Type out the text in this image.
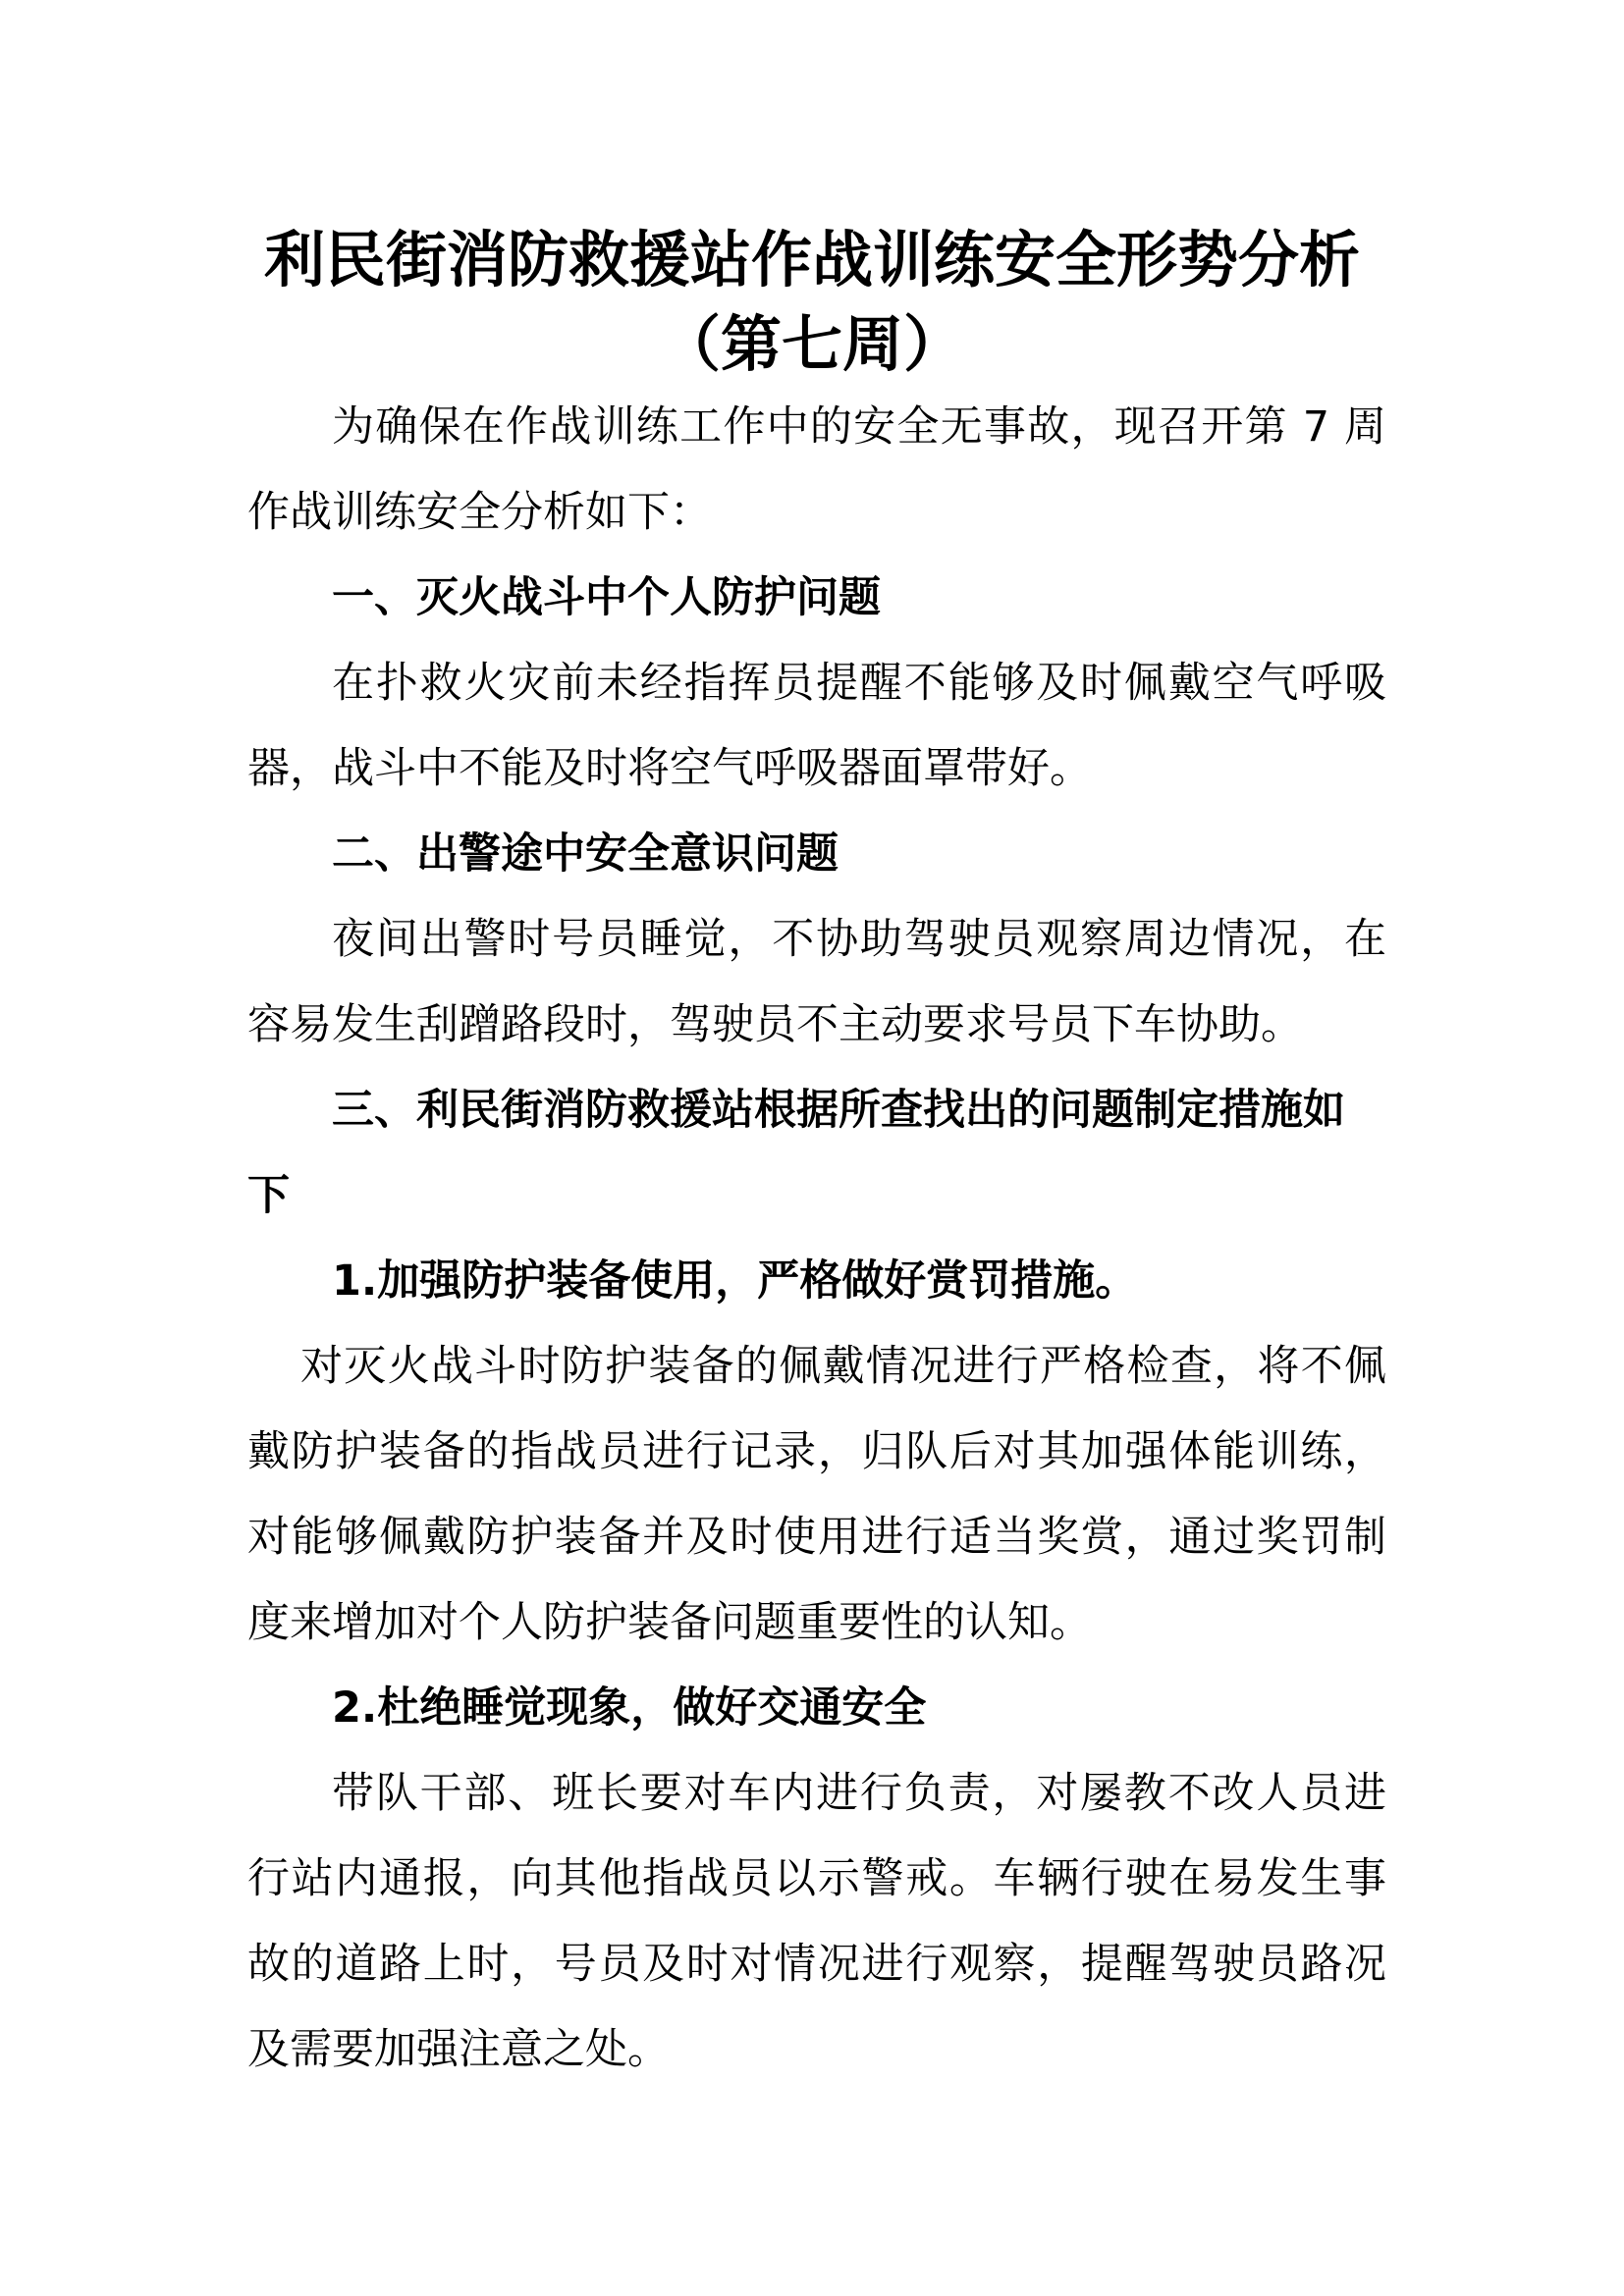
利民街消防救援站作战训练安全形势分析
（第七周）

为确保在作战训练工作中的安全无事故，现召开第 7 周作战训练安全分析如下：

一、灭火战斗中个人防护问题

在扑救火灾前未经指挥员提醒不能够及时佩戴空气呼吸器，战斗中不能及时将空气呼吸器面罩带好。

二、出警途中安全意识问题

夜间出警时号员睡觉，不协助驾驶员观察周边情况，在容易发生刮蹭路段时，驾驶员不主动要求号员下车协助。

三、利民街消防救援站根据所查找出的问题制定措施如下

1.加强防护装备使用，严格做好赏罚措施。

对灭火战斗时防护装备的佩戴情况进行严格检查，将不佩戴防护装备的指战员进行记录，归队后对其加强体能训练，对能够佩戴防护装备并及时使用进行适当奖赏，通过奖罚制度来增加对个人防护装备问题重要性的认知。

2.杜绝睡觉现象，做好交通安全

带队干部、班长要对车内进行负责，对屡教不改人员进行站内通报，向其他指战员以示警戒。车辆行驶在易发生事故的道路上时，号员及时对情况进行观察，提醒驾驶员路况及需要加强注意之处。
